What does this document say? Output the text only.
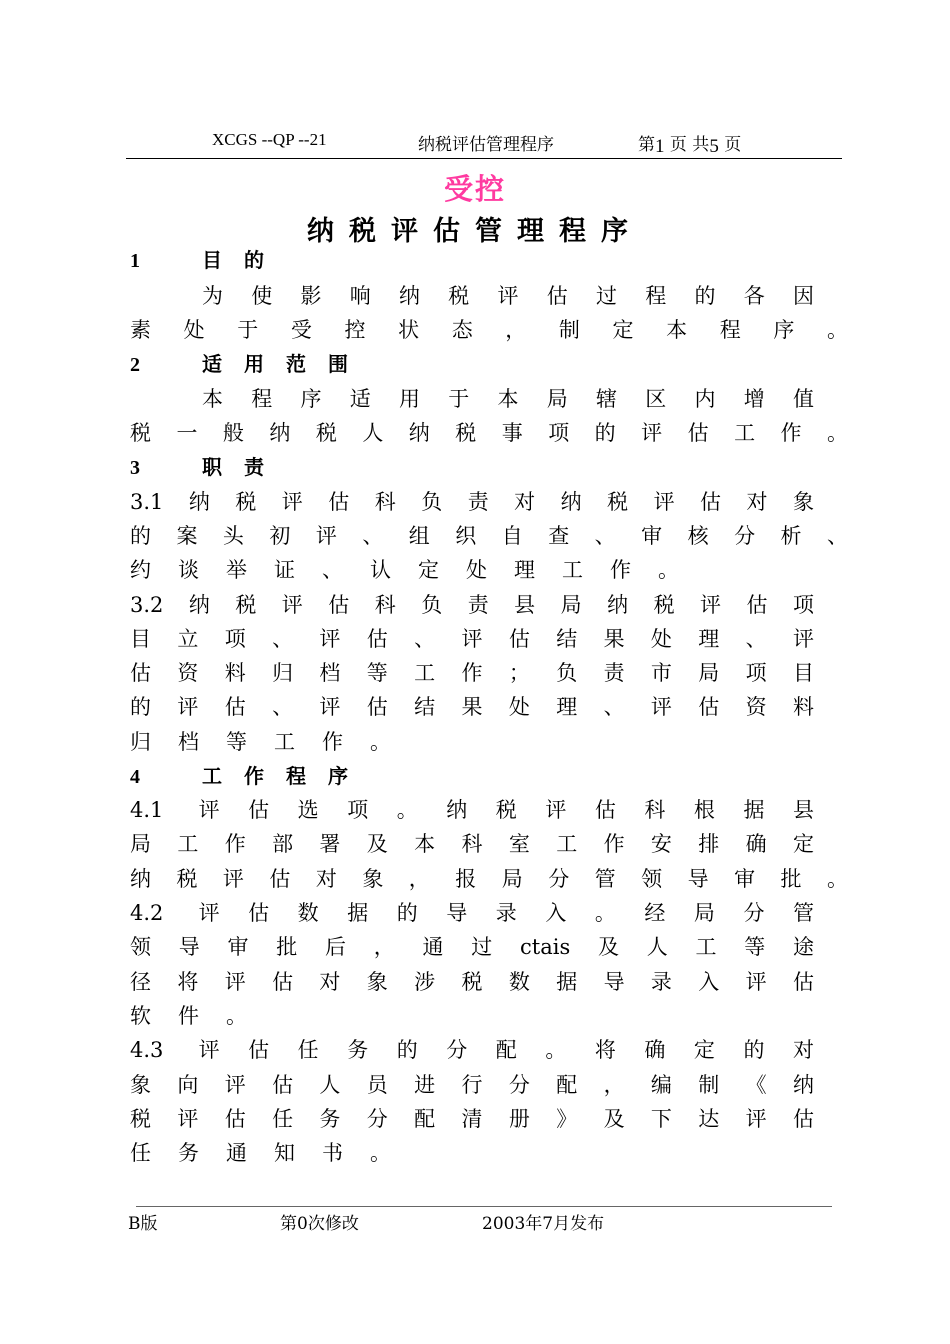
XCGS --QP --21	纳税评估管理程序	第1 页 共5 页
受控
纳税评估管理程序
1	目的
为使影响纳税评估过程的各因
素处于受控状态，制定本程序。
2	适用范围
本程序适用于本局辖区内增值
税一般纳税人纳税事项的评估工作。
3	职责
3.1纳税评估科负责对纳税评估对象
的案头初评、组织自查、审核分析、
约谈举证、认定处理工作。
3.2纳税评估科负责县局纳税评估项
目立项、评估、评估结果处理、评
估资料归档等工作；负责市局项目
的评估、评估结果处理、评估资料
归档等工作。
4	工作程序
4.1 评估选项。纳税评估科根据县
局工作部署及本科室工作安排确定
纳税评估对象，报局分管领导审批。
4.2 评估数据的导录入。经局分管
领导审批后，通过ctais及人工等途
径将评估对象涉税数据导录入评估
软件。
4.3 评估任务的分配。将确定的对
象向评估人员进行分配，编制《纳
税评估任务分配清册》及下达评估
任务通知书。
B版	第0次修改	2003年7月发布
